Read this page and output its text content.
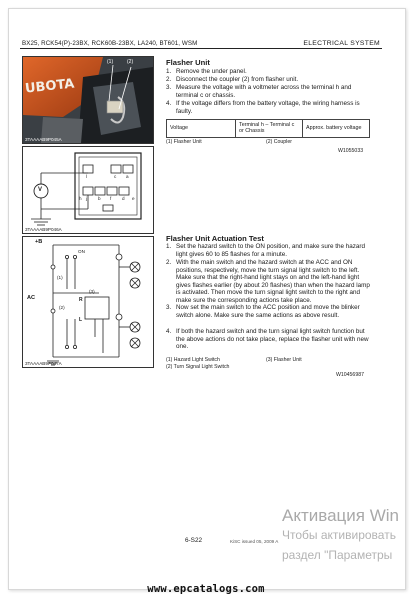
BX25, RCK54(P)-23BX, RCK60B-23BX, LA240, BT601, WSM	ELECTRICAL SYSTEM
UBOTA
(1)	(2)
3TAAAAB9P045A
V
l	c a
h j b f d e
3TAAAAB9P046A
+B
AC
ON
R
L
(1)
(2)
(3)
3TAAAAB9P047A
Flasher Unit
1. Remove the under panel.
2. Disconnect the coupler (2) from flasher unit.
3. Measure the voltage with a voltmeter across the terminal h and terminal c or chassis.
4. If the voltage differs from the battery voltage, the wiring harness is faulty.
Voltage	Terminal h – Terminal c or Chassis	Approx. battery voltage
(1) Flasher Unit	(2) Coupler
W1055033
Flasher Unit Actuation Test
1. Set the hazard switch to the ON position, and make sure the hazard light gives 60 to 85 flashes for a minute.
2. With the main switch and the hazard switch at the ACC and ON positions, respectively, move the turn signal light switch to the left. Make sure that the right-hand light stays on and the left-hand light gives flashes earlier (by about 20 flashes) than when the hazard lamp is activated. Then move the turn signal light switch to the right and make sure the corresponding actions take place.
3. Now set the main switch to the ACC position and move the blinker switch alone. Make sure the same actions as above result.
4. If both the hazard switch and the turn signal light switch function but the above actions do not take place, replace the flasher unit with new one.
(1) Hazard Light Switch
(2) Turn Signal Light Switch
(3) Flasher Unit
W10456987
6-S22	KiSC issued 05, 2009 A
Активация Win
Чтобы активировать
раздел "Параметры
www.epcatalogs.com
